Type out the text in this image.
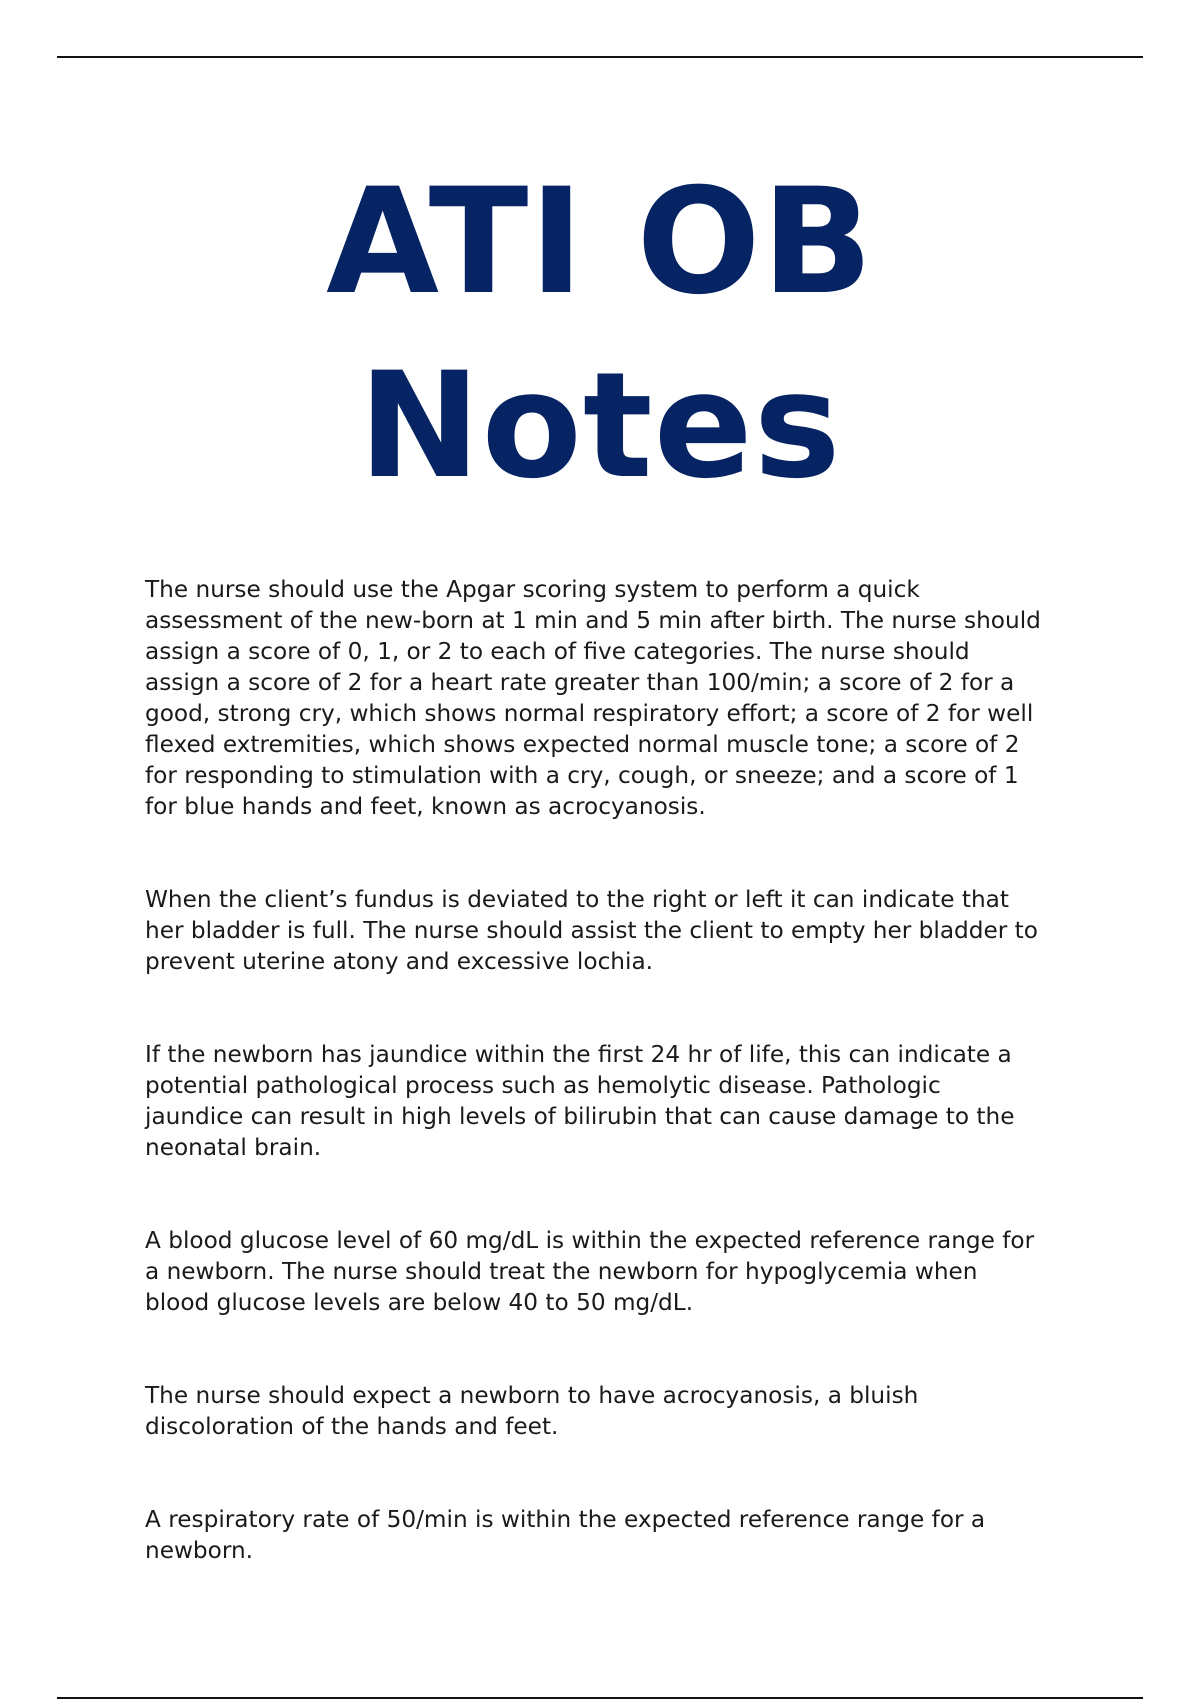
ATI OB
Notes

The nurse should use the Apgar scoring system to perform a quick
assessment of the new-born at 1 min and 5 min after birth. The nurse should
assign a score of 0, 1, or 2 to each of five categories. The nurse should
assign a score of 2 for a heart rate greater than 100/min; a score of 2 for a
good, strong cry, which shows normal respiratory effort; a score of 2 for well
flexed extremities, which shows expected normal muscle tone; a score of 2
for responding to stimulation with a cry, cough, or sneeze; and a score of 1
for blue hands and feet, known as acrocyanosis.

When the client’s fundus is deviated to the right or left it can indicate that
her bladder is full. The nurse should assist the client to empty her bladder to
prevent uterine atony and excessive lochia.

If the newborn has jaundice within the first 24 hr of life, this can indicate a
potential pathological process such as hemolytic disease. Pathologic
jaundice can result in high levels of bilirubin that can cause damage to the
neonatal brain.

A blood glucose level of 60 mg/dL is within the expected reference range for
a newborn. The nurse should treat the newborn for hypoglycemia when
blood glucose levels are below 40 to 50 mg/dL.

The nurse should expect a newborn to have acrocyanosis, a bluish
discoloration of the hands and feet.

A respiratory rate of 50/min is within the expected reference range for a
newborn.
